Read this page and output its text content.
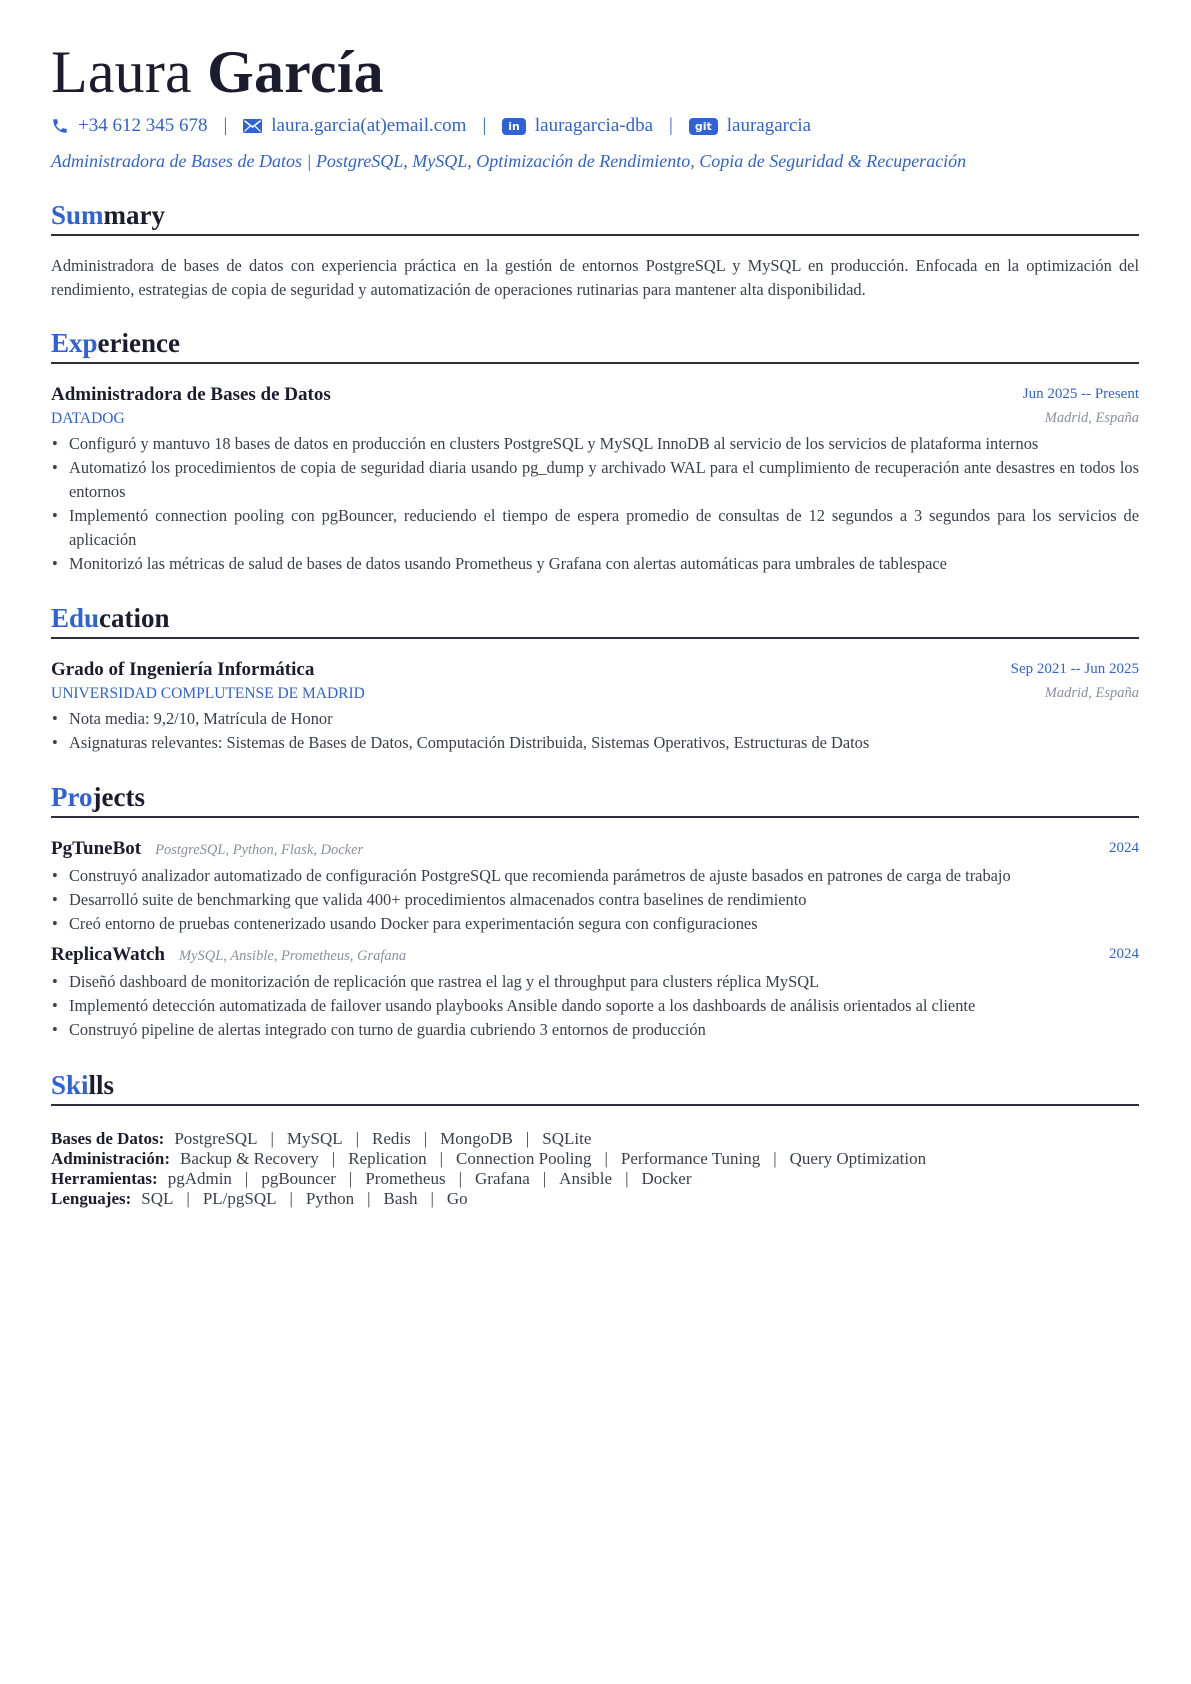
Laura García
+34 612 345 678 | laura.garcia(at)email.com |	in lauragarcia-dba |	git lauragarcia

Administradora de Bases de Datos | PostgreSQL, MySQL, Optimización de Rendimiento, Copia de Seguridad & Recuperación

Summary

Administradora de bases de datos con experiencia práctica en la gestión de entornos PostgreSQL y MySQL en producción. Enfocada en la optimización del rendimiento, estrategias de copia de seguridad y automatización de operaciones rutinarias para mantener alta disponibilidad.

Experience
Administradora de Bases de Datos	Jun 2025 -- Present
DATADOG	Madrid, España
• Configuró y mantuvo 18 bases de datos en producción en clusters PostgreSQL y MySQL InnoDB al servicio de los servicios de plataforma internos
• Automatizó los procedimientos de copia de seguridad diaria usando pg_dump y archivado WAL para el cumplimiento de recuperación ante desastres en todos los entornos
• Implementó connection pooling con pgBouncer, reduciendo el tiempo de espera promedio de consultas de 12 segundos a 3 segundos para los servicios de aplicación
• Monitorizó las métricas de salud de bases de datos usando Prometheus y Grafana con alertas automáticas para umbrales de tablespace
Education
Grado of Ingeniería Informática	Sep 2021 -- Jun 2025
UNIVERSIDAD COMPLUTENSE DE MADRID	Madrid, España
• Nota media: 9,2/10, Matrícula de Honor
• Asignaturas relevantes: Sistemas de Bases de Datos, Computación Distribuida, Sistemas Operativos, Estructuras de Datos
Projects
PgTuneBot PostgreSQL, Python, Flask, Docker	2024
• Construyó analizador automatizado de configuración PostgreSQL que recomienda parámetros de ajuste basados en patrones de carga de trabajo
• Desarrolló suite de benchmarking que valida 400+ procedimientos almacenados contra baselines de rendimiento
• Creó entorno de pruebas contenerizado usando Docker para experimentación segura con configuraciones
ReplicaWatch MySQL, Ansible, Prometheus, Grafana	2024
• Diseñó dashboard de monitorización de replicación que rastrea el lag y el throughput para clusters réplica MySQL
• Implementó detección automatizada de failover usando playbooks Ansible dando soporte a los dashboards de análisis orientados al cliente
• Construyó pipeline de alertas integrado con turno de guardia cubriendo 3 entornos de producción
Skills
Bases de Datos: PostgreSQL | MySQL | Redis | MongoDB | SQLite
Administración: Backup & Recovery | Replication | Connection Pooling | Performance Tuning | Query Optimization
Herramientas: pgAdmin | pgBouncer | Prometheus | Grafana | Ansible | Docker
Lenguajes: SQL | PL/pgSQL | Python | Bash | Go
